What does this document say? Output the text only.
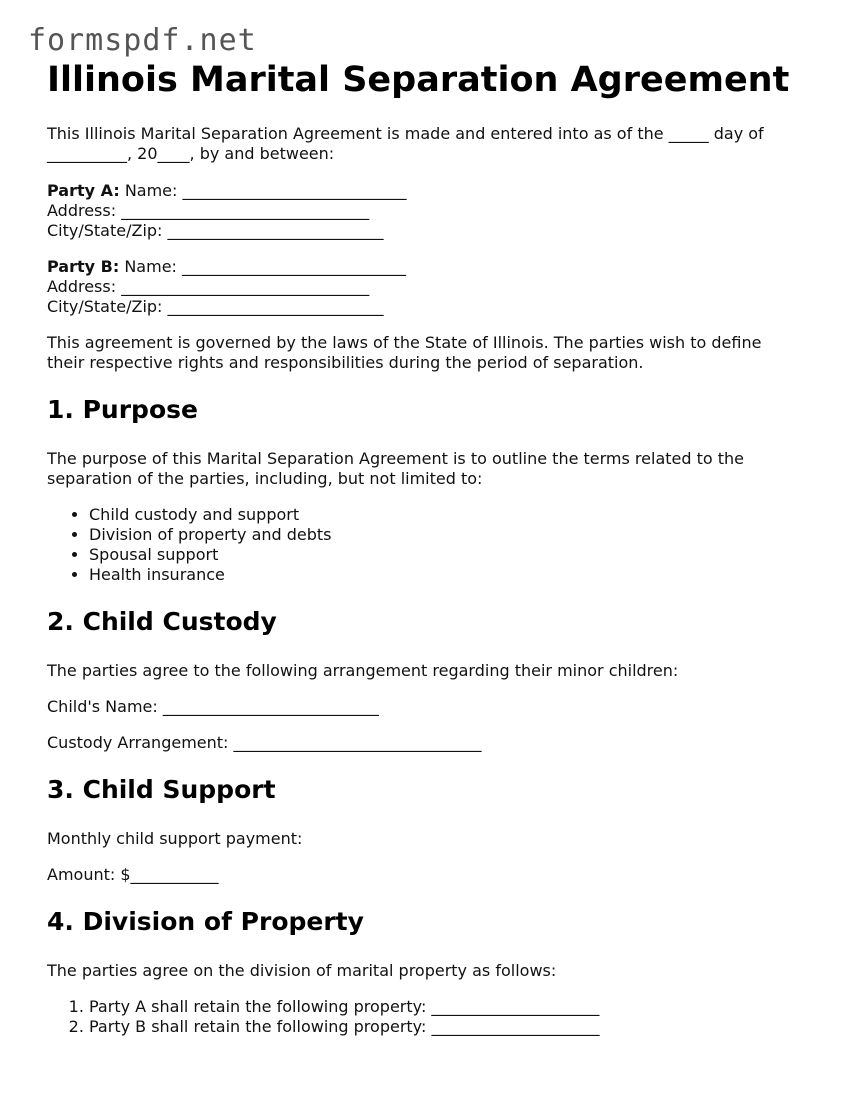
formspdf.net
Illinois Marital Separation Agreement

This Illinois Marital Separation Agreement is made and entered into as of the _____ day of
__________, 20____, by and between:

Party A: Name: ____________________________
Address: _______________________________
City/State/Zip: ___________________________
Party B: Name: ____________________________
Address: _______________________________
City/State/Zip: ___________________________

This agreement is governed by the laws of the State of Illinois. The parties wish to define
their respective rights and responsibilities during the period of separation.

1. Purpose

The purpose of this Marital Separation Agreement is to outline the terms related to the
separation of the parties, including, but not limited to:

• Child custody and support
• Division of property and debts
• Spousal support
• Health insurance
2. Child Custody

The parties agree to the following arrangement regarding their minor children:

Child's Name: ___________________________

Custody Arrangement: _______________________________

3. Child Support

Monthly child support payment:

Amount: $___________

4. Division of Property

The parties agree on the division of marital property as follows:

1. Party A shall retain the following property: _____________________
2. Party B shall retain the following property: _____________________
